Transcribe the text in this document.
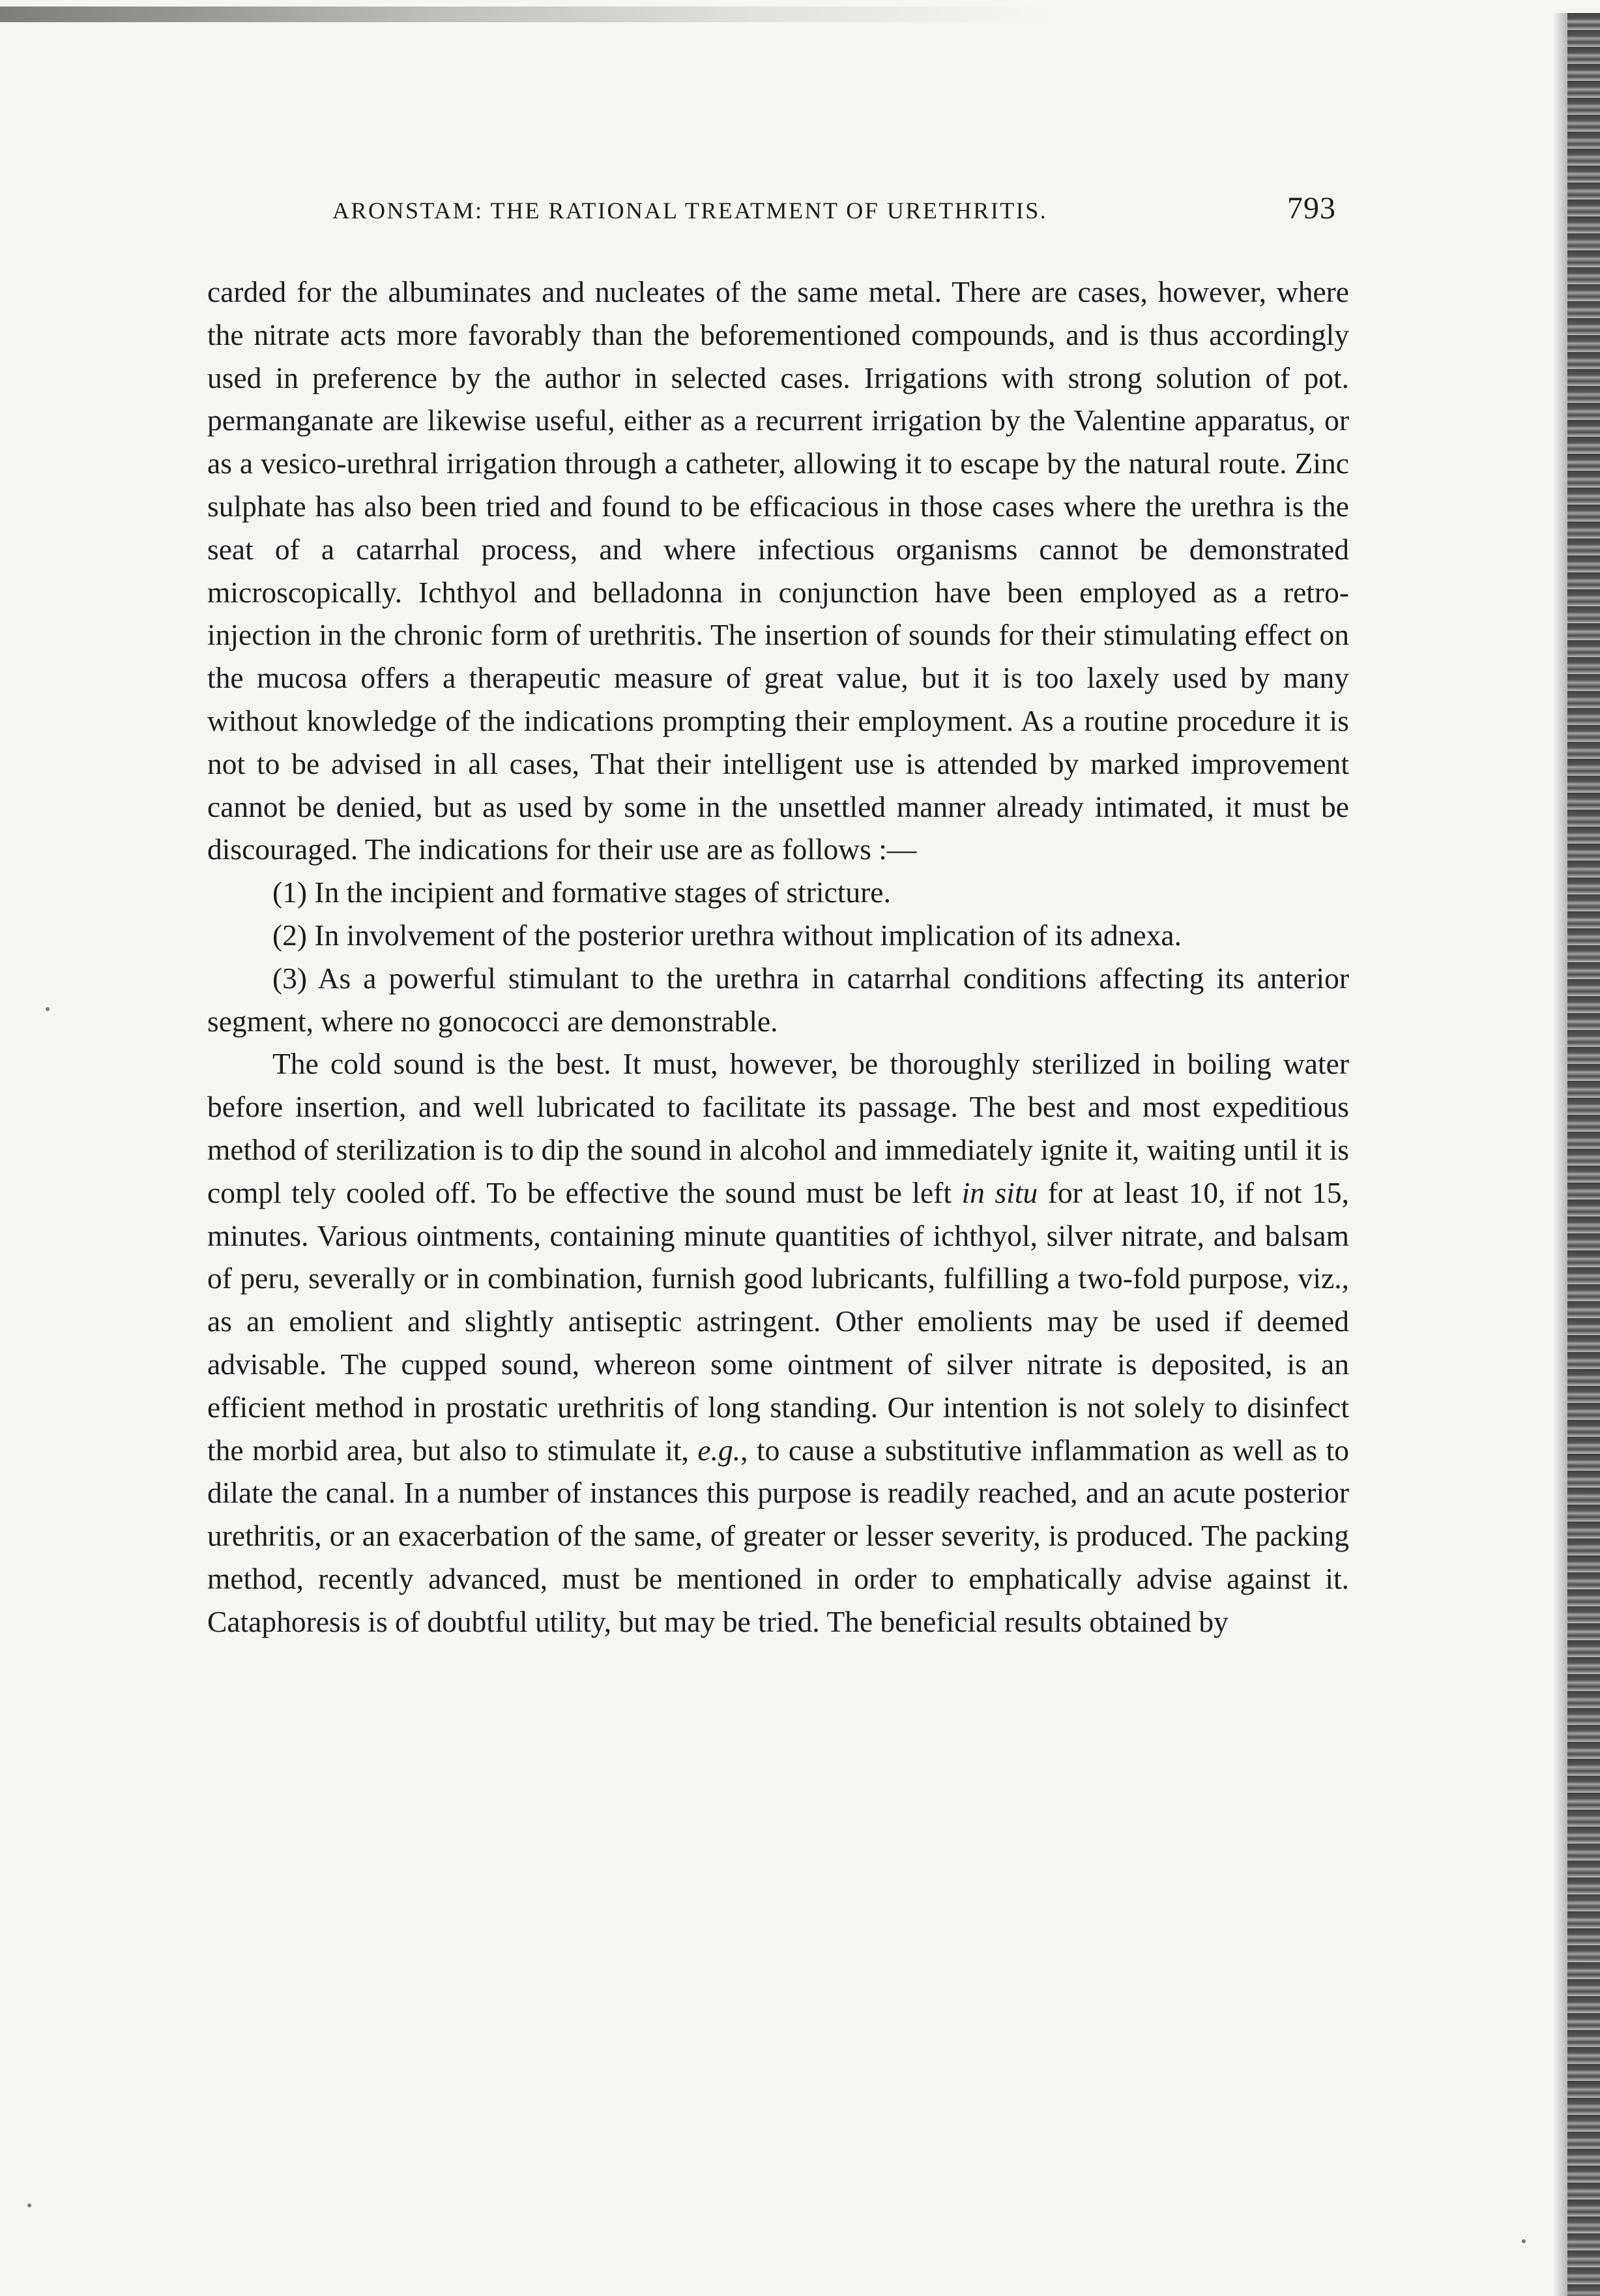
ARONSTAM: THE RATIONAL TREATMENT OF URETHRITIS.	793

carded for the albuminates and nucleates of the same metal. There are cases, however, where the nitrate acts more favorably than the beforementioned compounds, and is thus accordingly used in preference by the author in selected cases. Irrigations with strong solution of pot. permanganate are likewise useful, either as a recurrent irrigation by the Valentine apparatus, or as a vesico-urethral irrigation through a catheter, allowing it to escape by the natural route. Zinc sulphate has also been tried and found to be efficacious in those cases where the urethra is the seat of a catarrhal process, and where infectious organisms cannot be demonstrated microscopically. Ichthyol and belladonna in conjunction have been employed as a retro-injection in the chronic form of urethritis. The insertion of sounds for their stimulating effect on the mucosa offers a therapeutic measure of great value, but it is too laxely used by many without knowledge of the indications prompting their employment. As a routine procedure it is not to be advised in all cases, That their intelligent use is attended by marked improvement cannot be denied, but as used by some in the unsettled manner already intimated, it must be discouraged. The indications for their use are as follows :—

(1) In the incipient and formative stages of stricture.

(2) In involvement of the posterior urethra without implication of its adnexa.

(3) As a powerful stimulant to the urethra in catarrhal conditions affecting its anterior segment, where no gonococci are demonstrable.

The cold sound is the best. It must, however, be thoroughly sterilized in boiling water before insertion, and well lubricated to facilitate its passage. The best and most expeditious method of sterilization is to dip the sound in alcohol and immediately ignite it, waiting until it is compl tely cooled off. To be effective the sound must be left in situ for at least 10, if not 15, minutes. Various ointments, containing minute quantities of ichthyol, silver nitrate, and balsam of peru, severally or in combination, furnish good lubricants, fulfilling a two-fold purpose, viz., as an emolient and slightly antiseptic astringent. Other emolients may be used if deemed advisable. The cupped sound, whereon some ointment of silver nitrate is deposited, is an efficient method in prostatic urethritis of long standing. Our intention is not solely to disinfect the morbid area, but also to stimulate it, e.g., to cause a substitutive inflammation as well as to dilate the canal. In a number of instances this purpose is readily reached, and an acute posterior urethritis, or an exacerbation of the same, of greater or lesser severity, is produced. The packing method, recently advanced, must be mentioned in order to emphatically advise against it. Cataphoresis is of doubtful utility, but may be tried. The beneficial results obtained by
